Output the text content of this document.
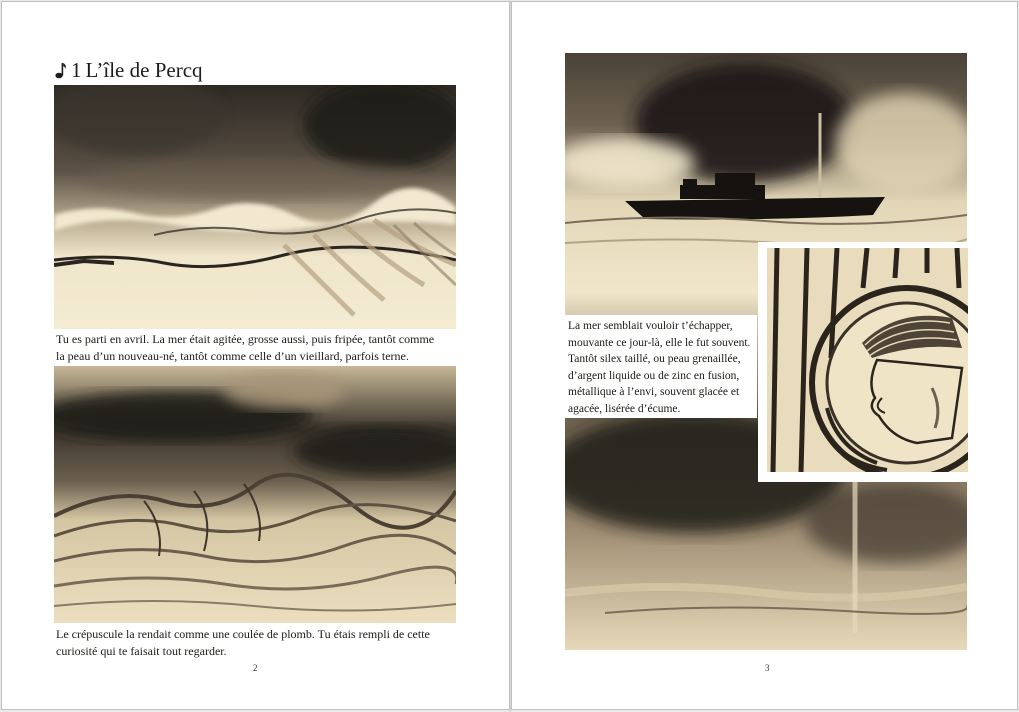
1 L’île de Percq
Tu es parti en avril. La mer était agitée, grosse aussi, puis fripée, tantôt comme la peau d’un nouveau-né, tantôt comme celle d’un vieillard, parfois terne.
Le crépuscule la rendait comme une coulée de plomb. Tu étais rempli de cette curiosité qui te faisait tout regarder.
2
La mer semblait vouloir t’échapper, mouvante ce jour-là, elle le fut souvent. Tantôt silex taillé, ou peau grenaillée, d’argent liquide ou de zinc en fusion, métallique à l’envi, souvent glacée et agacée, lisérée d’écume.
3
